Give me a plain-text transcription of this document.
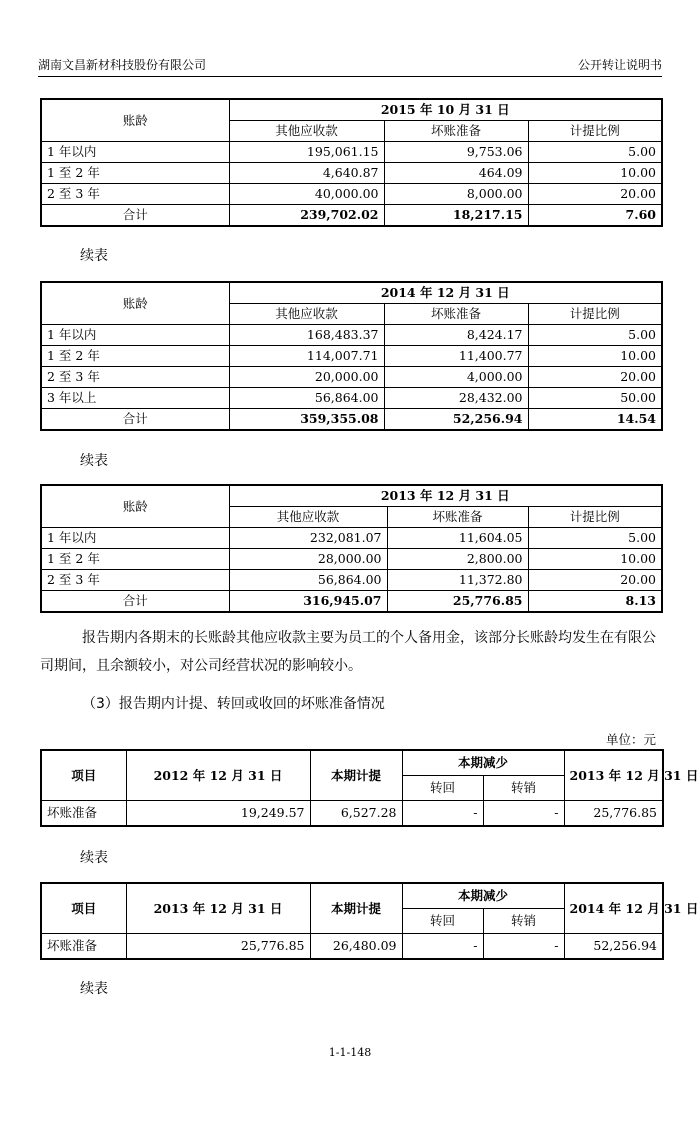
湖南文昌新材科技股份有限公司	公开转让说明书
账龄	2015 年 10 月 31 日		
	其他应收款	坏账准备	计提比例
1 年以内	195,061.15	9,753.06	5.00
1 至 2 年	4,640.87	464.09	10.00
2 至 3 年	40,000.00	8,000.00	20.00
合计	239,702.02	18,217.15	7.60
续表
账龄	2014 年 12 月 31 日		
	其他应收款	坏账准备	计提比例
1 年以内	168,483.37	8,424.17	5.00
1 至 2 年	114,007.71	11,400.77	10.00
2 至 3 年	20,000.00	4,000.00	20.00
3 年以上	56,864.00	28,432.00	50.00
合计	359,355.08	52,256.94	14.54
续表
账龄	2013 年 12 月 31 日		
	其他应收款	坏账准备	计提比例
1 年以内	232,081.07	11,604.05	5.00
1 至 2 年	28,000.00	2,800.00	10.00
2 至 3 年	56,864.00	11,372.80	20.00
合计	316,945.07	25,776.85	8.13
报告期内各期末的长账龄其他应收款主要为员工的个人备用金，该部分长账龄均发生在有限公司期间，且余额较小，对公司经营状况的影响较小。
（3）报告期内计提、转回或收回的坏账准备情况
单位：元
项目	2012 年 12 月 31 日	本期计提	本期减少		2013 年 12 月 31 日
			转回	转销	
坏账准备	19,249.57	6,527.28	-	-	25,776.85
续表
项目	2013 年 12 月 31 日	本期计提	本期减少		2014 年 12 月 31 日
			转回	转销	
坏账准备	25,776.85	26,480.09	-	-	52,256.94
续表
1-1-148
